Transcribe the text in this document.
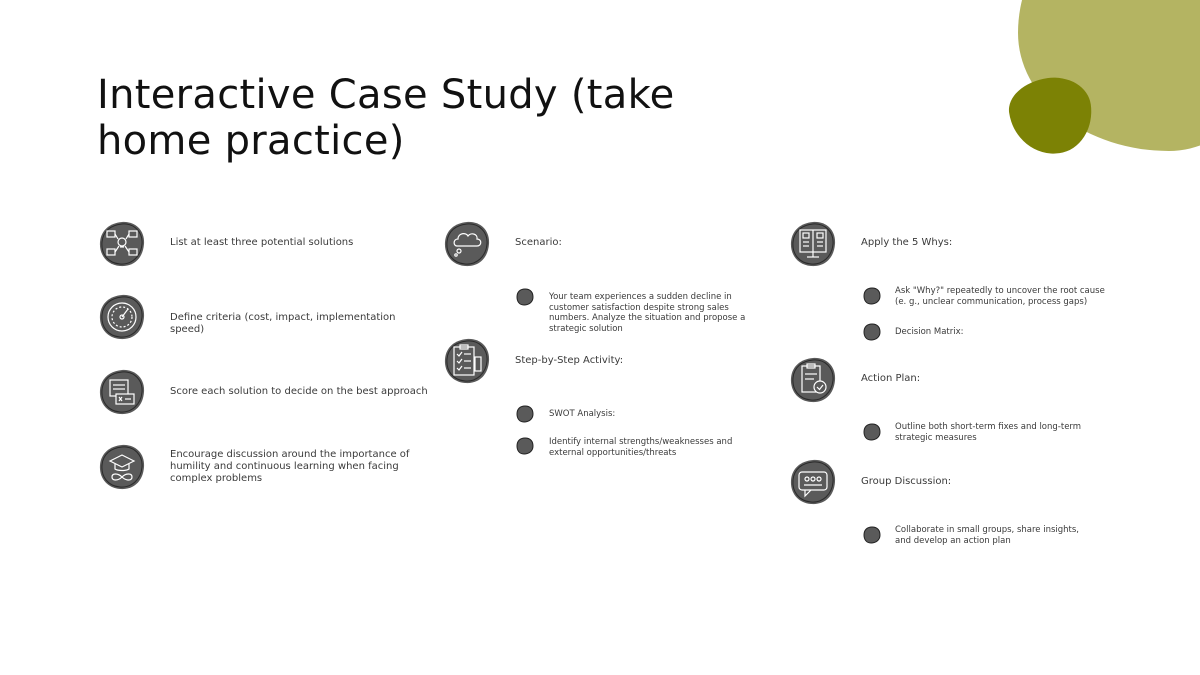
Interactive Case Study (take home practice)
List at least three potential solutions
Define criteria (cost, impact, implementation speed)
Score each solution to decide on the best approach
Encourage discussion around the importance of humility and continuous learning when facing complex problems
Scenario:
Your team experiences a sudden decline in customer satisfaction despite strong sales numbers. Analyze the situation and propose a strategic solution
Step-by-Step Activity:
SWOT Analysis:
Identify internal strengths/weaknesses and external opportunities/threats
Apply the 5 Whys:
Ask "Why?" repeatedly to uncover the root cause (e. g., unclear communication, process gaps)
Decision Matrix:
Action Plan:
Outline both short-term fixes and long-term strategic measures
Group Discussion:
Collaborate in small groups, share insights, and develop an action plan
